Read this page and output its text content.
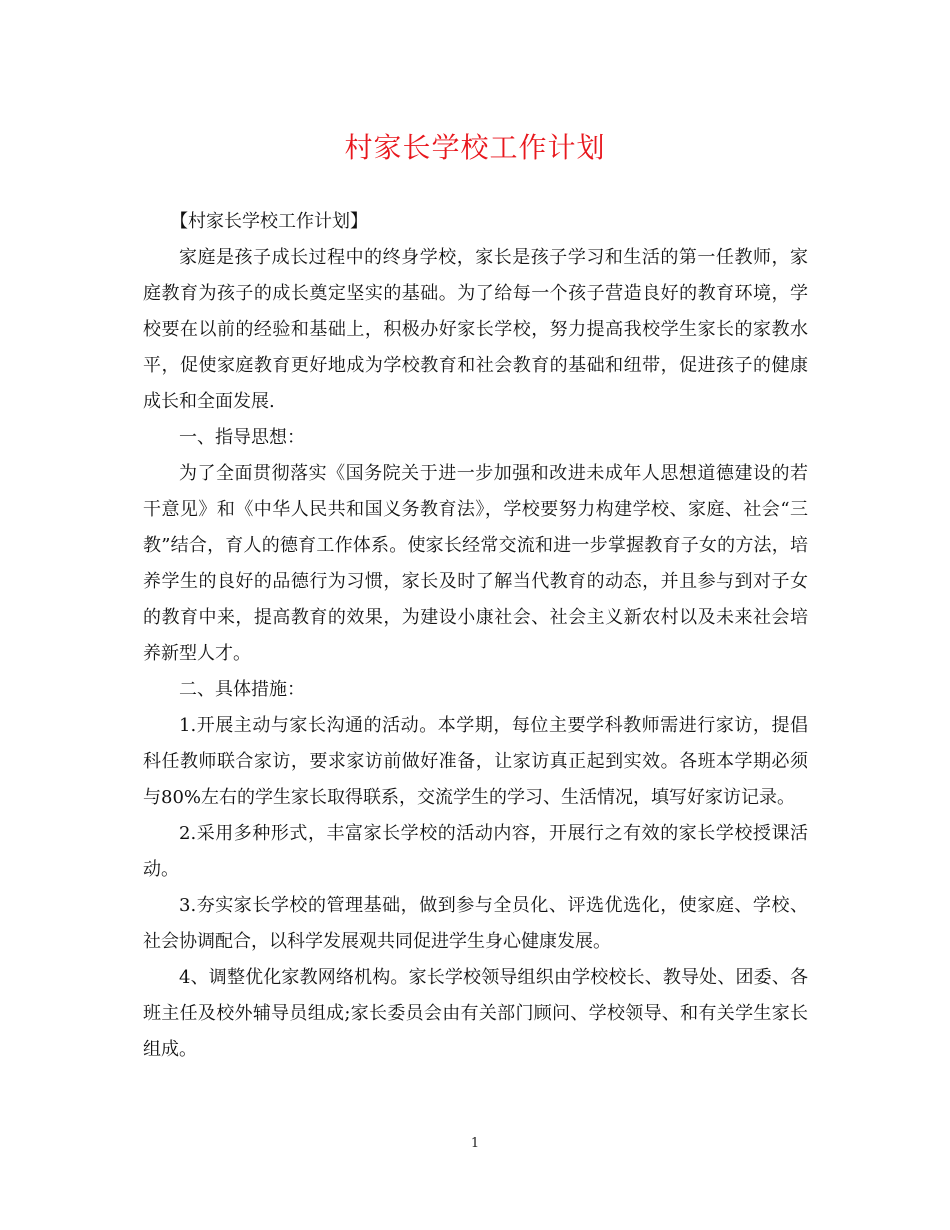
村家长学校工作计划

【村家长学校工作计划】

家庭是孩子成长过程中的终身学校，家长是孩子学习和生活的第一任教师，家庭教育为孩子的成长奠定坚实的基础。为了给每一个孩子营造良好的教育环境，学校要在以前的经验和基础上，积极办好家长学校，努力提高我校学生家长的家教水平，促使家庭教育更好地成为学校教育和社会教育的基础和纽带，促进孩子的健康成长和全面发展.

一、指导思想：

为了全面贯彻落实《国务院关于进一步加强和改进未成年人思想道德建设的若干意见》和《中华人民共和国义务教育法》，学校要努力构建学校、家庭、社会“三教”结合，育人的德育工作体系。使家长经常交流和进一步掌握教育子女的方法，培养学生的良好的品德行为习惯，家长及时了解当代教育的动态，并且参与到对子女的教育中来，提高教育的效果，为建设小康社会、社会主义新农村以及未来社会培养新型人才。

二、具体措施：

1.开展主动与家长沟通的活动。本学期，每位主要学科教师需进行家访，提倡科任教师联合家访，要求家访前做好准备，让家访真正起到实效。各班本学期必须与80%左右的学生家长取得联系，交流学生的学习、生活情况，填写好家访记录。

2.采用多种形式，丰富家长学校的活动内容，开展行之有效的家长学校授课活动。

3.夯实家长学校的管理基础，做到参与全员化、评选优选化，使家庭、学校、社会协调配合，以科学发展观共同促进学生身心健康发展。

4、调整优化家教网络机构。家长学校领导组织由学校校长、教导处、团委、各班主任及校外辅导员组成;家长委员会由有关部门顾问、学校领导、和有关学生家长组成。

1
